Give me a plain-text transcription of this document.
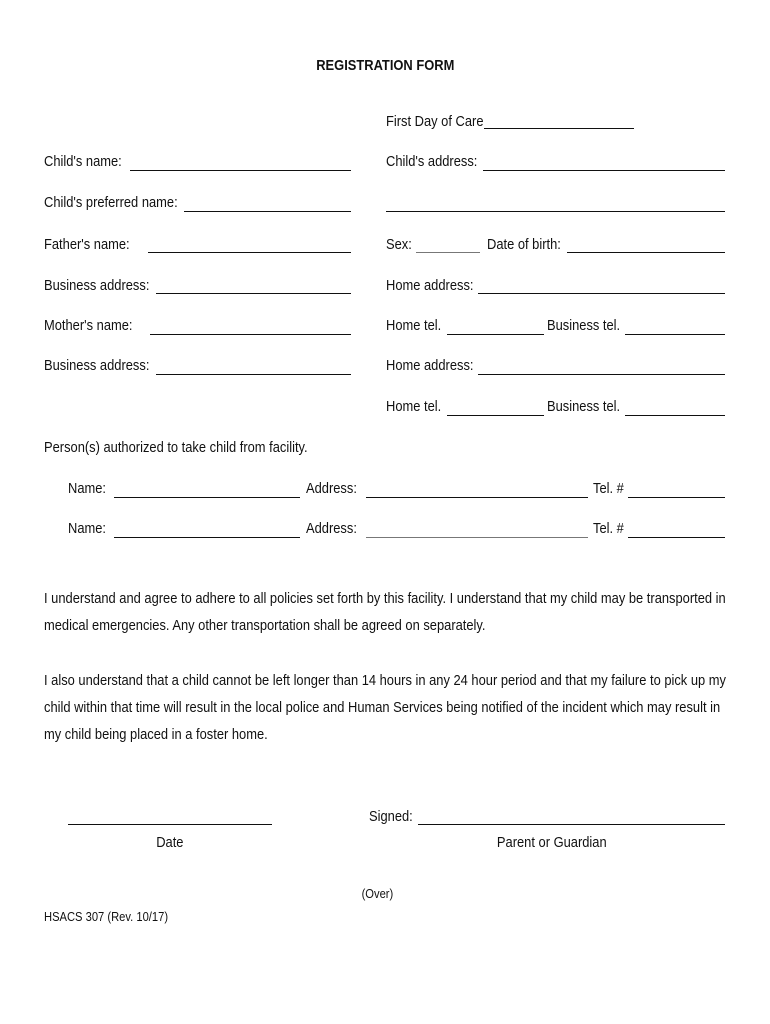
REGISTRATION FORM
First Day of Care
Child's name:	Child's address:
Child's preferred name:
Father's name:	Sex:	Date of birth:
Business address:	Home address:
Mother's name:	Home tel.	Business tel.
Business address:	Home address:
Home tel.	Business tel.
Person(s) authorized to take child from facility.
Name:	Address:	Tel. #
Name:	Address:	Tel. #
I understand and agree to adhere to all policies set forth by this facility. I understand that my child may be transported in
medical emergencies. Any other transportation shall be agreed on separately.
I also understand that a child cannot be left longer than 14 hours in any 24 hour period and that my failure to pick up my
child within that time will result in the local police and Human Services being notified of the incident which may result in
my child being placed in a foster home.
Signed:
Date	Parent or Guardian
(Over)
HSACS 307 (Rev. 10/17)
